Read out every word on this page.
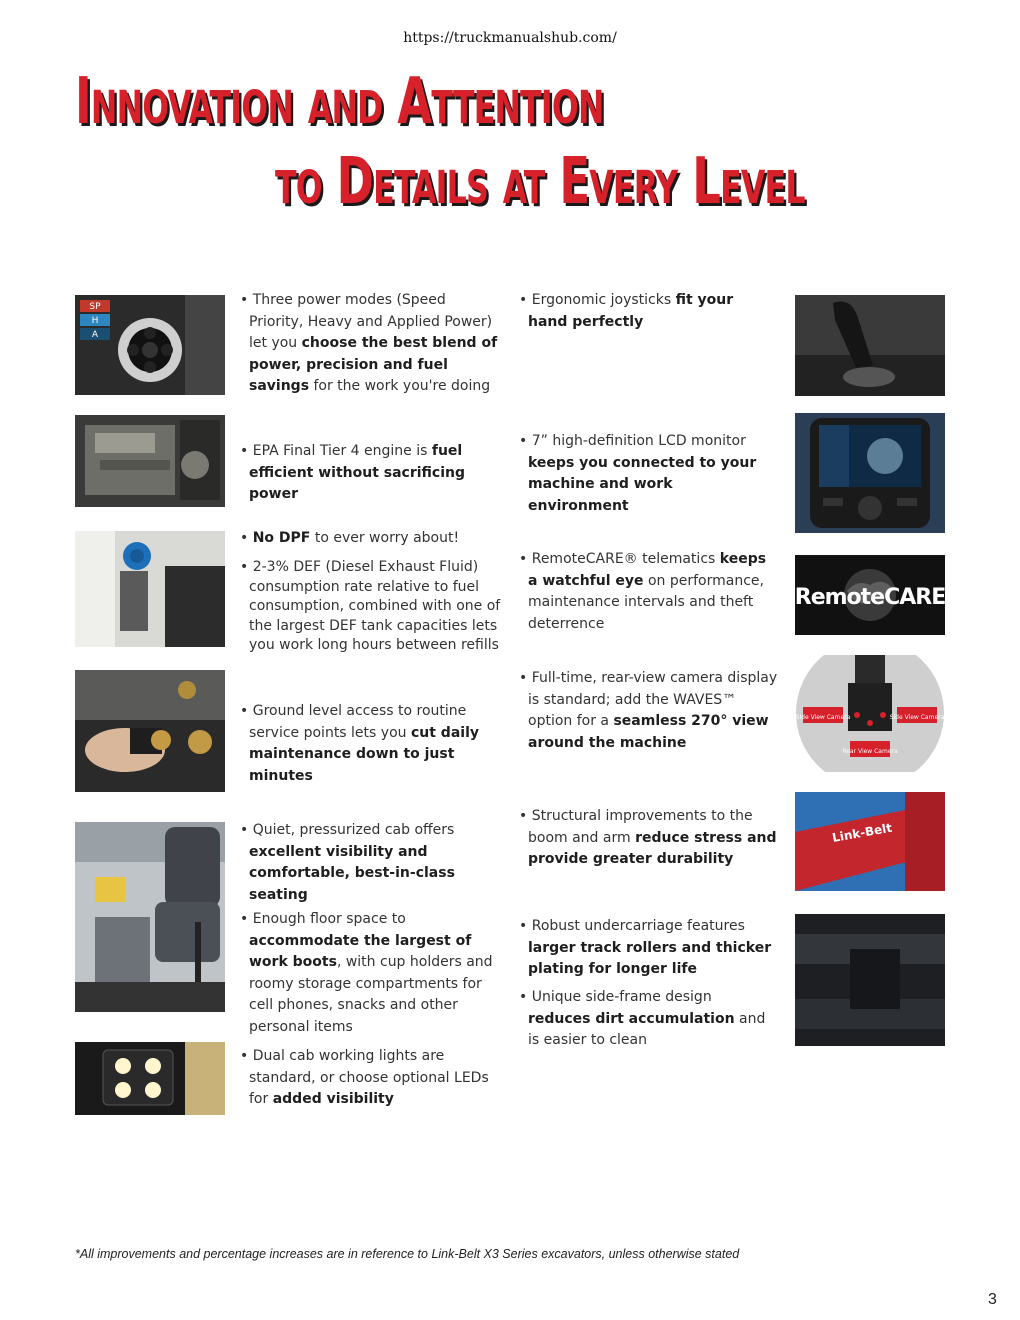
https://truckmanualshub.com/
Innovation and Attention
to Details at Every Level
SP
H
A
RemoteCARE
Side View Camera	Side View Camera
Rear View Camera
Link-Belt
• Three power modes (Speed Priority, Heavy and Applied Power) let you choose the best blend of power, precision and fuel savings for the work you're doing
• EPA Final Tier 4 engine is fuel efficient without sacrificing power
• No DPF to ever worry about!
• 2-3% DEF (Diesel Exhaust Fluid) consumption rate relative to fuel consumption, combined with one of the largest DEF tank capacities lets you work long hours between refills
• Ground level access to routine service points lets you cut daily maintenance down to just minutes
• Quiet, pressurized cab offers excellent visibility and comfortable, best-in-class seating
• Enough floor space to accommodate the largest of work boots, with cup holders and roomy storage compartments for cell phones, snacks and other personal items
• Dual cab working lights are standard, or choose optional LEDs for added visibility
• Ergonomic joysticks fit your hand perfectly
• 7” high-definition LCD monitor keeps you connected to your machine and work environment
• RemoteCARE® telematics keeps a watchful eye on performance, maintenance intervals and theft deterrence
• Full-time, rear-view camera display is standard; add the WAVES™ option for a seamless 270° view around the machine
• Structural improvements to the boom and arm reduce stress and provide greater durability
• Robust undercarriage features larger track rollers and thicker plating for longer life
• Unique side-frame design reduces dirt accumulation and is easier to clean
*All improvements and percentage increases are in reference to Link-Belt X3 Series excavators, unless otherwise stated
3
